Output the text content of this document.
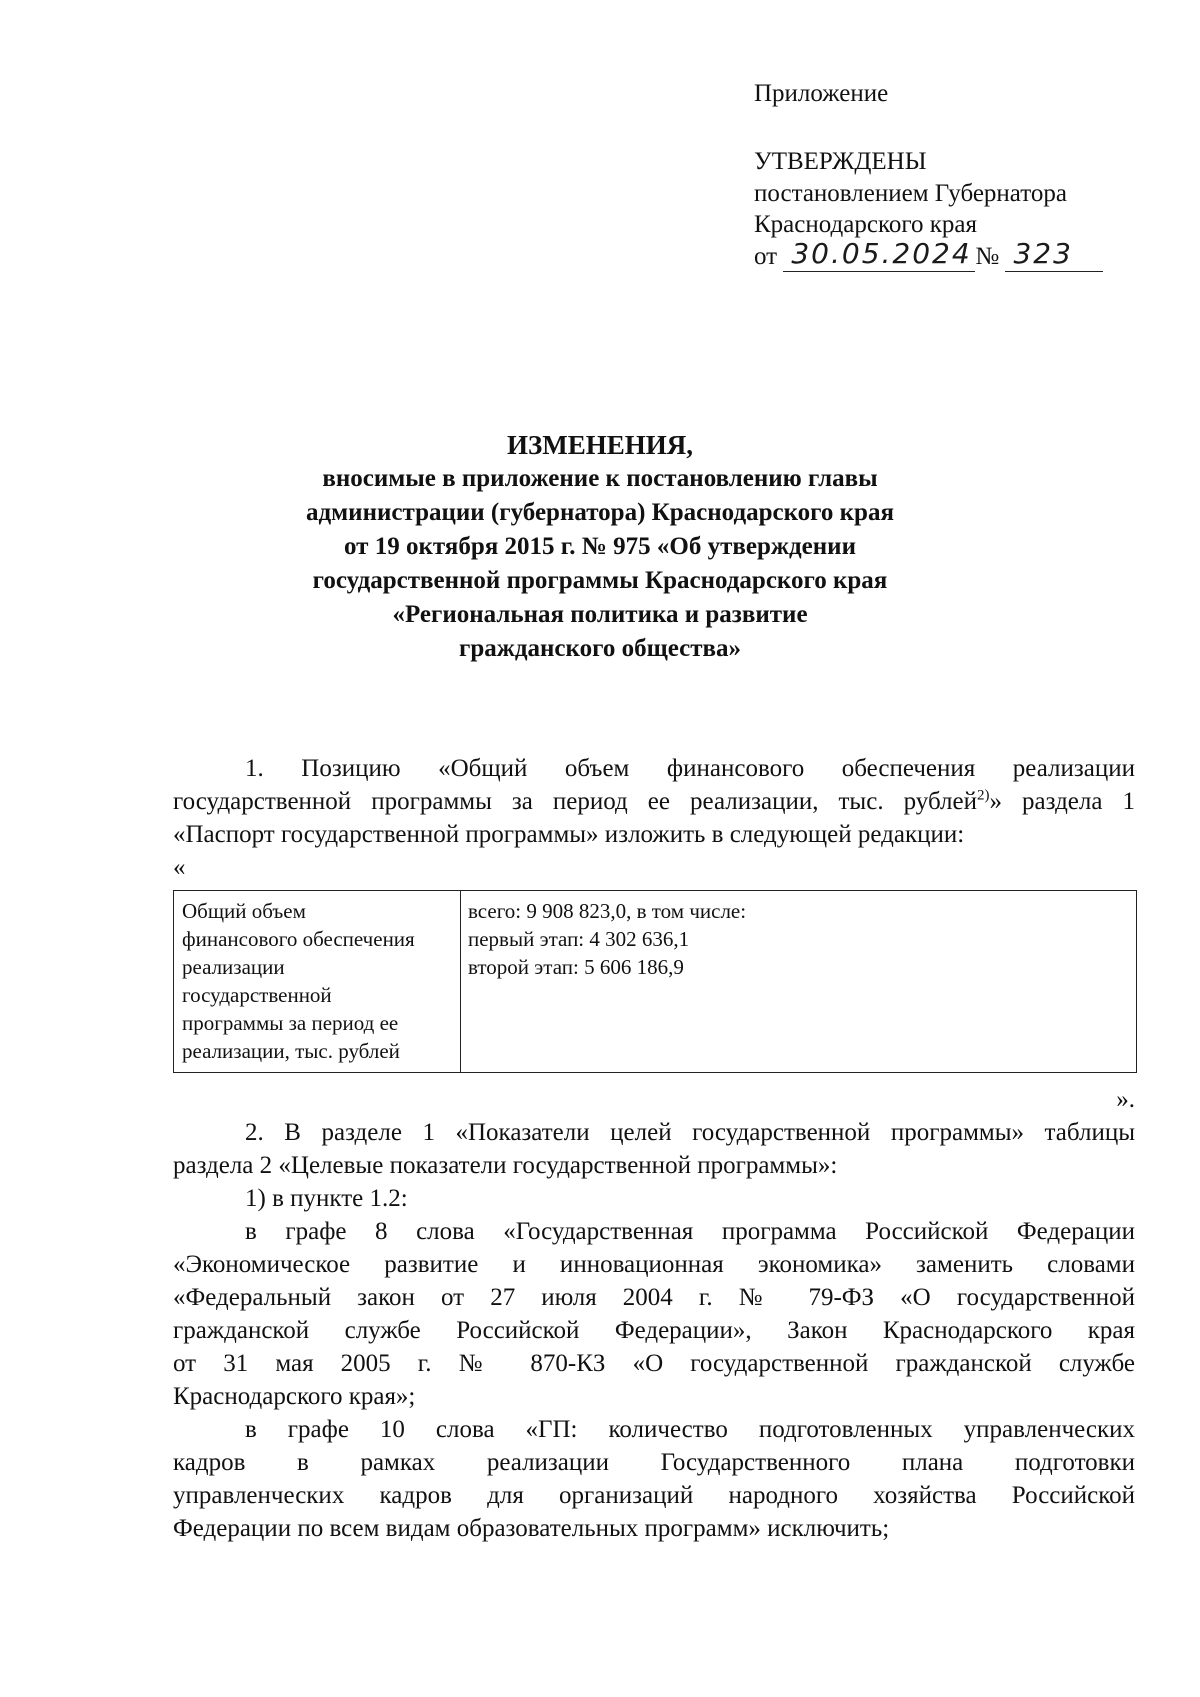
Приложение
УТВЕРЖДЕНЫ
постановлением Губернатора
Краснодарского края
от 30.05.2024 № 323
ИЗМЕНЕНИЯ,
вносимые в приложение к постановлению главы
администрации (губернатора) Краснодарского края
от 19 октября 2015 г. № 975 «Об утверждении
государственной программы Краснодарского края
«Региональная политика и развитие
гражданского общества»
1. Позицию «Общий объем финансового обеспечения реализации
государственной программы за период ее реализации, тыс. рублей$^{2)}$» раздела 1
«Паспорт государственной программы» изложить в следующей редакции:
«
Общий объем
финансового обеспечения
реализации
государственной
программы за период ее
реализации, тыс. рублей
всего: 9 908 823,0, в том числе:
первый этап: 4 302 636,1
второй этап: 5 606 186,9
».
2. В разделе 1 «Показатели целей государственной программы» таблицы
раздела 2 «Целевые показатели государственной программы»:
1) в пункте 1.2:
в графе 8 слова «Государственная программа Российской Федерации
«Экономическое развитие и инновационная экономика» заменить словами
«Федеральный закон от 27 июля 2004 г. № 79-ФЗ «О государственной
гражданской службе Российской Федерации», Закон Краснодарского края
от 31 мая 2005 г. № 870-КЗ «О государственной гражданской службе
Краснодарского края»;
в графе 10 слова «ГП: количество подготовленных управленческих
кадров в рамках реализации Государственного плана подготовки
управленческих кадров для организаций народного хозяйства Российской
Федерации по всем видам образовательных программ» исключить;
